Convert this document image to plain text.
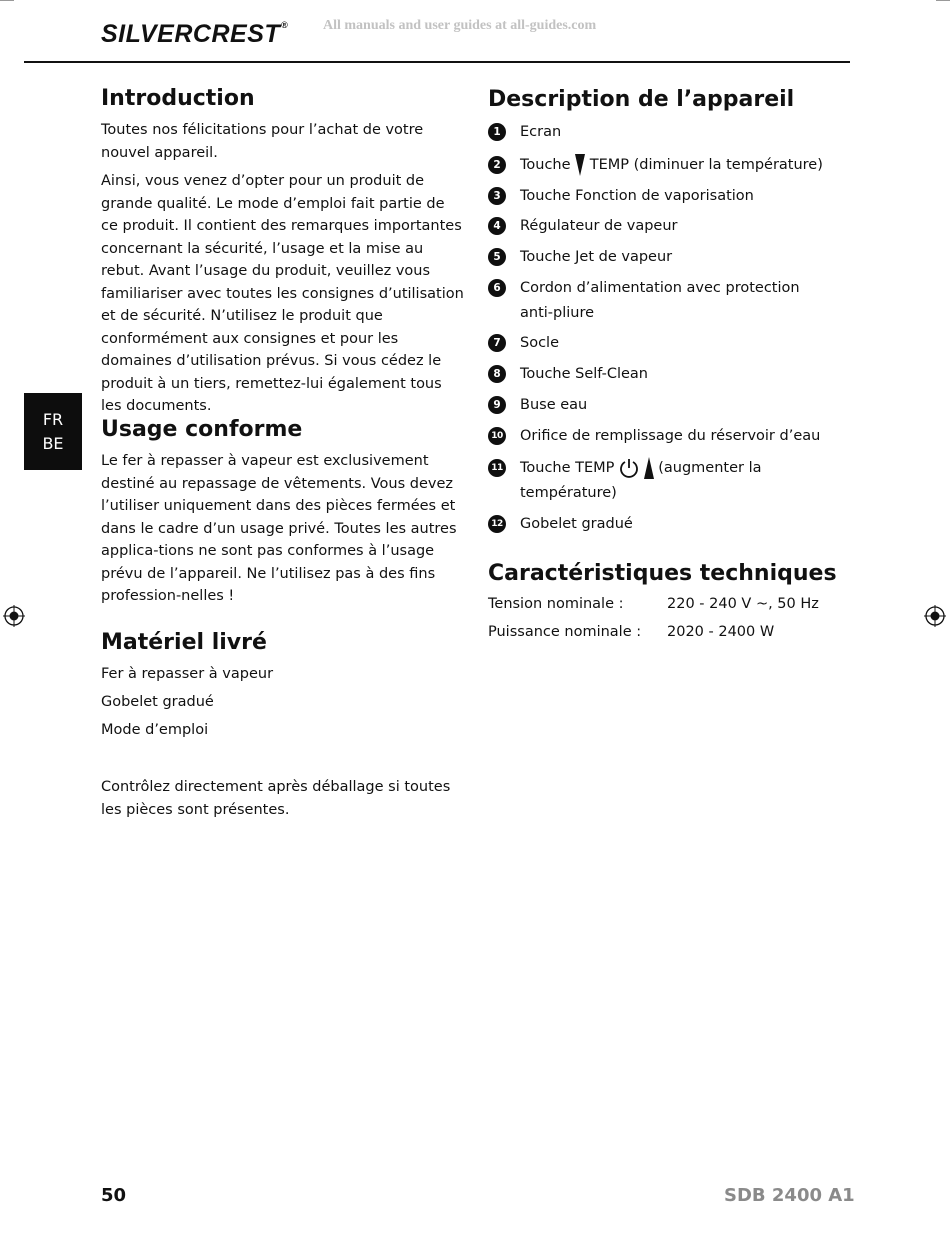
SILVERCREST® All manuals and user guides at all-guides.com
FR
BE
Introduction

Toutes nos félicitations pour l’achat de votre nouvel appareil.

Ainsi, vous venez d’opter pour un produit de grande qualité. Le mode d’emploi fait partie de ce produit. Il contient des remarques importantes concernant la sécurité, l’usage et la mise au rebut. Avant l’usage du produit, veuillez vous familiariser avec toutes les consignes d’utilisation et de sécurité. N’utilisez le produit que conformément aux consignes et pour les domaines d’utilisation prévus. Si vous cédez le produit à un tiers, remettez-lui également tous les documents.

Usage conforme

Le fer à repasser à vapeur est exclusivement destiné au repassage de vêtements. Vous devez l’utiliser uniquement dans des pièces fermées et dans le cadre d’un usage privé. Toutes les autres applica-tions ne sont pas conformes à l’usage prévu de l’appareil. Ne l’utilisez pas à des fins profession-nelles !

Matériel livré
Fer à repasser à vapeur
Gobelet gradué
Mode d’emploi

Contrôlez directement après déballage si toutes les pièces sont présentes.

Description de l’appareil
1	Ecran
2	Touche TEMP (diminuer la température)
3	Touche Fonction de vaporisation
4	Régulateur de vapeur
5	Touche Jet de vapeur
6	Cordon d’alimentation avec protection anti-pliure
7	Socle
8	Touche Self-Clean
9	Buse eau
10 Orifice de remplissage du réservoir d’eau
11 Touche TEMP	(augmenter la
température)
12 Gobelet gradué
Caractéristiques techniques
Tension nominale :	220 - 240 V ~, 50 Hz
Puissance nominale : 2020 - 2400 W
50	SDB 2400 A1
